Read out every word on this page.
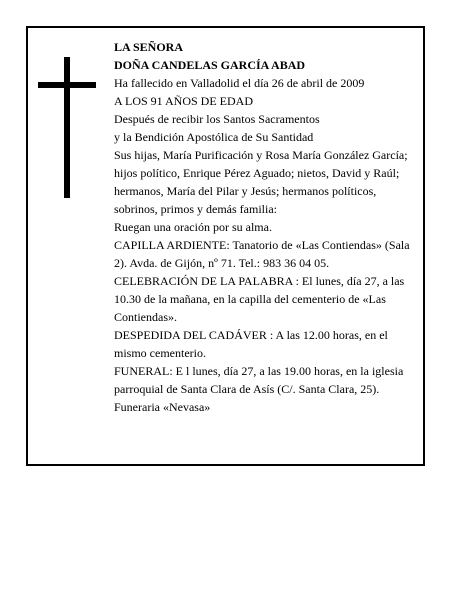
LA SEÑORA

DOÑA CANDELAS GARCÍA ABAD

Ha fallecido en Valladolid el día 26 de abril de 2009

A LOS 91 AÑOS DE EDAD

Después de recibir los Santos Sacramentos

y la Bendición Apostólica de Su Santidad

Sus hijas, María Purificación y Rosa María González García; hijos político, Enrique Pérez Aguado; nietos, David y Raúl; hermanos, María del Pilar y Jesús; hermanos políticos, sobrinos, primos y demás familia:

Ruegan una oración por su alma.

CAPILLA ARDIENTE: Tanatorio de «Las Contiendas» (Sala 2). Avda. de Gijón, nº 71. Tel.: 983 36 04 05.

CELEBRACIÓN DE LA PALABRA : El lunes, día 27, a las 10.30 de la mañana, en la capilla del cementerio de «Las Contiendas».

DESPEDIDA DEL CADÁVER : A las 12.00 horas, en el mismo cementerio.

FUNERAL: E l lunes, día 27, a las 19.00 horas, en la iglesia parroquial de Santa Clara de Asís (C/. Santa Clara, 25).

Funeraria «Nevasa»
